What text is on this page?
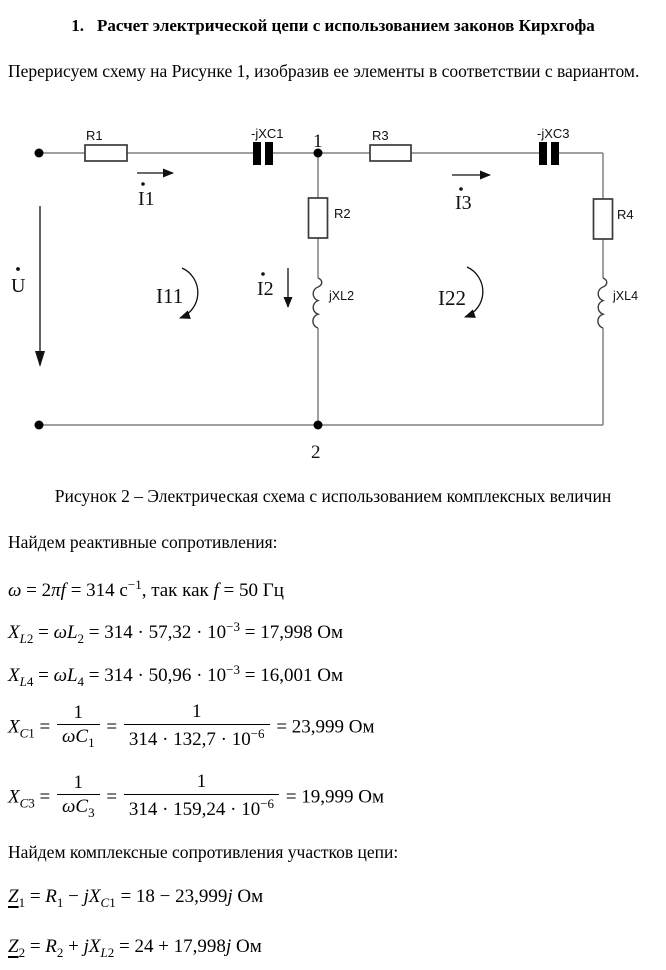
1. Расчет электрической цепи с использованием законов Кирхгофа
Перерисуем схему на Рисунке 1, изобразив ее элементы в соответствии с вариантом.
R1	-jXC1 1	R3	-jXC3
R2	R4
jXL2	jXL4
I1
I2
I3
I11	I22
U
2
Рисунок 2 – Электрическая схема с использованием комплексных величин
Найдем реактивные сопротивления:
ω = 2πf = 314 $с^{-1}$, так как f = 50 Гц
$X_{L2} = \omega L_2 = 314 \cdot 57,32 \cdot 10^{-3} = 17,998$ Ом
$X_{L4} = \omega L_4 = 314 \cdot 50,96 \cdot 10^{-3} = 16,001$ Ом
$X_{C1} = \frac{1}{\omega C_1} = \frac{1}{314 \cdot 132,7 \cdot 10^{-6}} = 23,999$ Ом
$X_{C3} = \frac{1}{\omega C_3} = \frac{1}{314 \cdot 159,24 \cdot 10^{-6}} = 19,999$ Ом
Найдем комплексные сопротивления участков цепи:
$Z_1 = R_1 - jX_{C1} = 18 - 23,999j$ Ом
$Z_2 = R_2 + jX_{L2} = 24 + 17,998j$ Ом
